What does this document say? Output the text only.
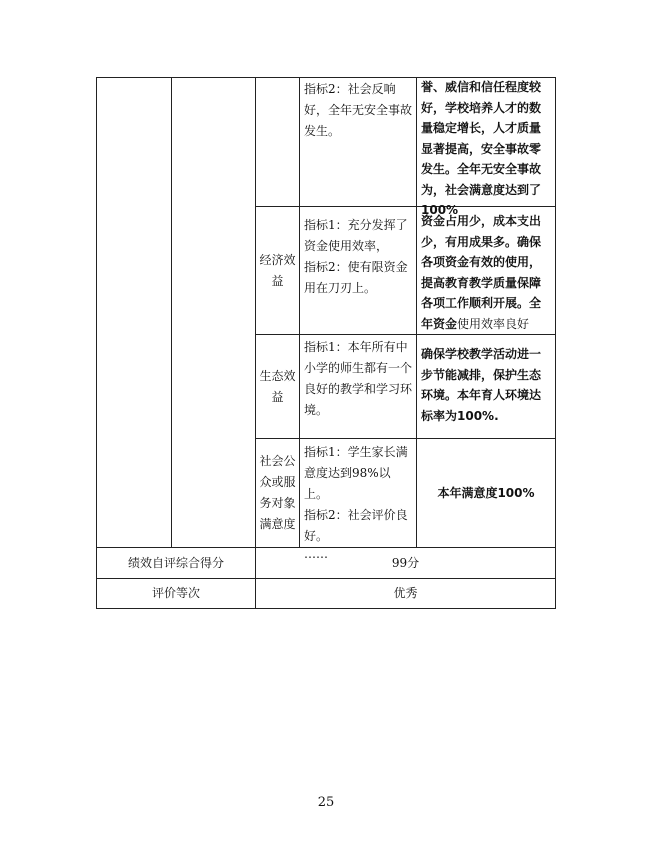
指标2：社会反响好，全年无安全事故发生。
誉、威信和信任程度较好，学校培养人才的数量稳定增长，人才质量显著提高，安全事故零发生。全年无安全事故为，社会满意度达到了100%
经济效益
指标1：充分发挥了资金使用效率，
指标2：使有限资金用在刀刃上。
资金占用少，成本支出少，有用成果多。确保各项资金有效的使用，提高教育教学质量保障各项工作顺利开展。全年资金使用效率良好
生态效益
指标1：本年所有中小学的师生都有一个良好的教学和学习环境。
确保学校教学活动进一步节能减排，保护生态环境。本年育人环境达标率为100%.
社会公众或服务对象满意度
指标1：学生家长满意度达到98%以上。
指标2：社会评价良好。
……
本年满意度100%
绩效自评综合得分	99分
评价等次	优秀
25
